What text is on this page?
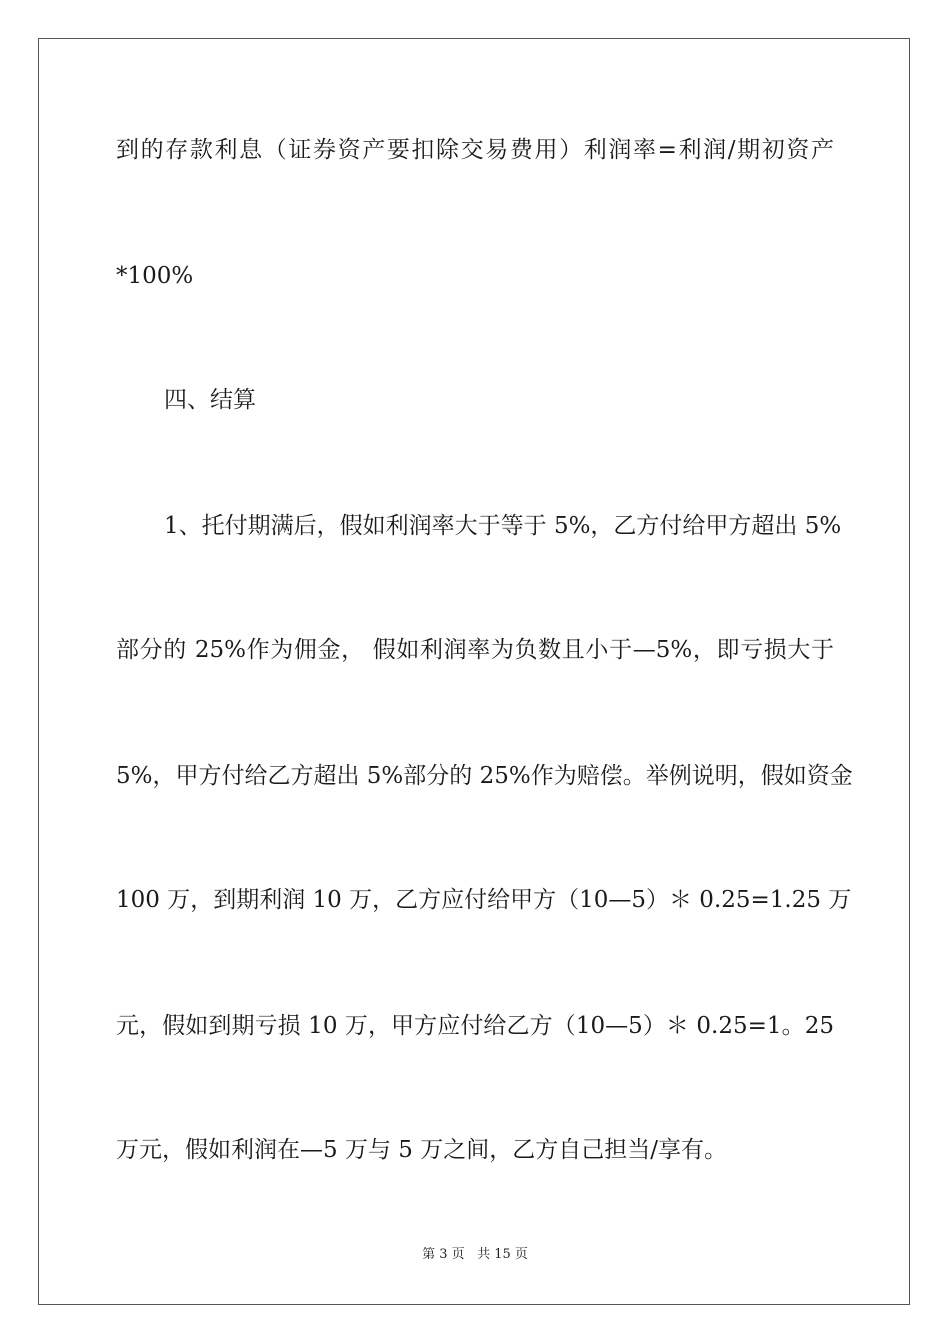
到的存款利息（证券资产要扣除交易费用）利润率=利润/期初资产
*100%
四、结算
1、托付期满后，假如利润率大于等于 5%，乙方付给甲方超出 5%
部分的 25%作为佣金， 假如利润率为负数且小于—5%，即亏损大于
5%，甲方付给乙方超出 5%部分的 25%作为赔偿。举例说明，假如资金
100 万，到期利润 10 万，乙方应付给甲方（10—5）＊ 0.25=1.25 万
元，假如到期亏损 10 万，甲方应付给乙方（10—5）＊ 0.25=1。25
万元，假如利润在—5 万与 5 万之间，乙方自己担当/享有。
第 3 页 共 15 页
